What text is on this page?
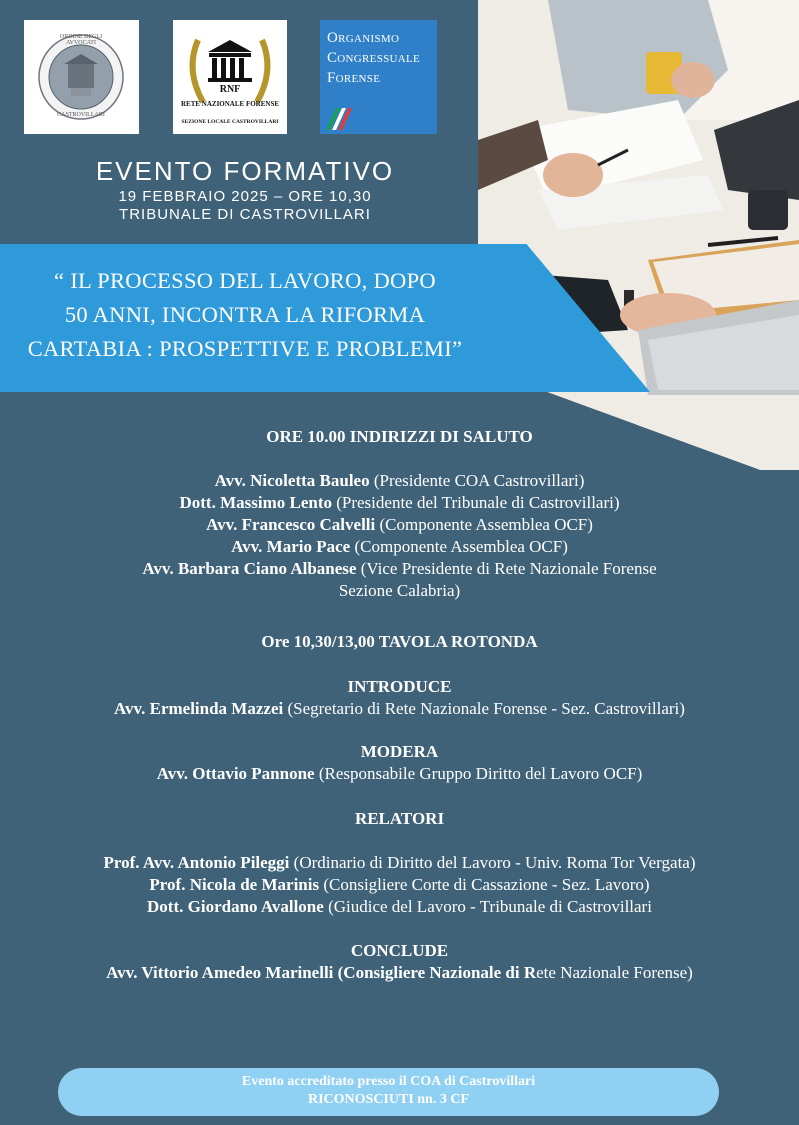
ORDINE DEGLI AVVOCATI
CASTROVILLARI
RNF
RETE NAZIONALE FORENSE
SEZIONE LOCALE CASTROVILLARI
Organismo
Congressuale
Forense
EVENTO FORMATIVO
19 FEBBRAIO 2025 – ORE 10,30
TRIBUNALE DI CASTROVILLARI
“ IL PROCESSO DEL LAVORO, DOPO
50 ANNI, INCONTRA LA RIFORMA
CARTABIA : PROSPETTIVE E PROBLEMI”
ORE 10.00 INDIRIZZI DI SALUTO
Avv. Nicoletta Bauleo (Presidente COA Castrovillari)
Dott. Massimo Lento (Presidente del Tribunale di Castrovillari)
Avv. Francesco Calvelli (Componente Assemblea OCF)
Avv. Mario Pace (Componente Assemblea OCF)
Avv. Barbara Ciano Albanese (Vice Presidente di Rete Nazionale Forense
Sezione Calabria)
Ore 10,30/13,00 TAVOLA ROTONDA
INTRODUCE
Avv. Ermelinda Mazzei (Segretario di Rete Nazionale Forense - Sez. Castrovillari)
MODERA
Avv. Ottavio Pannone (Responsabile Gruppo Diritto del Lavoro OCF)
RELATORI
Prof. Avv. Antonio Pileggi (Ordinario di Diritto del Lavoro - Univ. Roma Tor Vergata)
Prof. Nicola de Marinis (Consigliere Corte di Cassazione - Sez. Lavoro)
Dott. Giordano Avallone (Giudice del Lavoro - Tribunale di Castrovillari
CONCLUDE
Avv. Vittorio Amedeo Marinelli (Consigliere Nazionale di Rete Nazionale Forense)
Evento accreditato presso il COA di Castrovillari
RICONOSCIUTI nn. 3 CF
